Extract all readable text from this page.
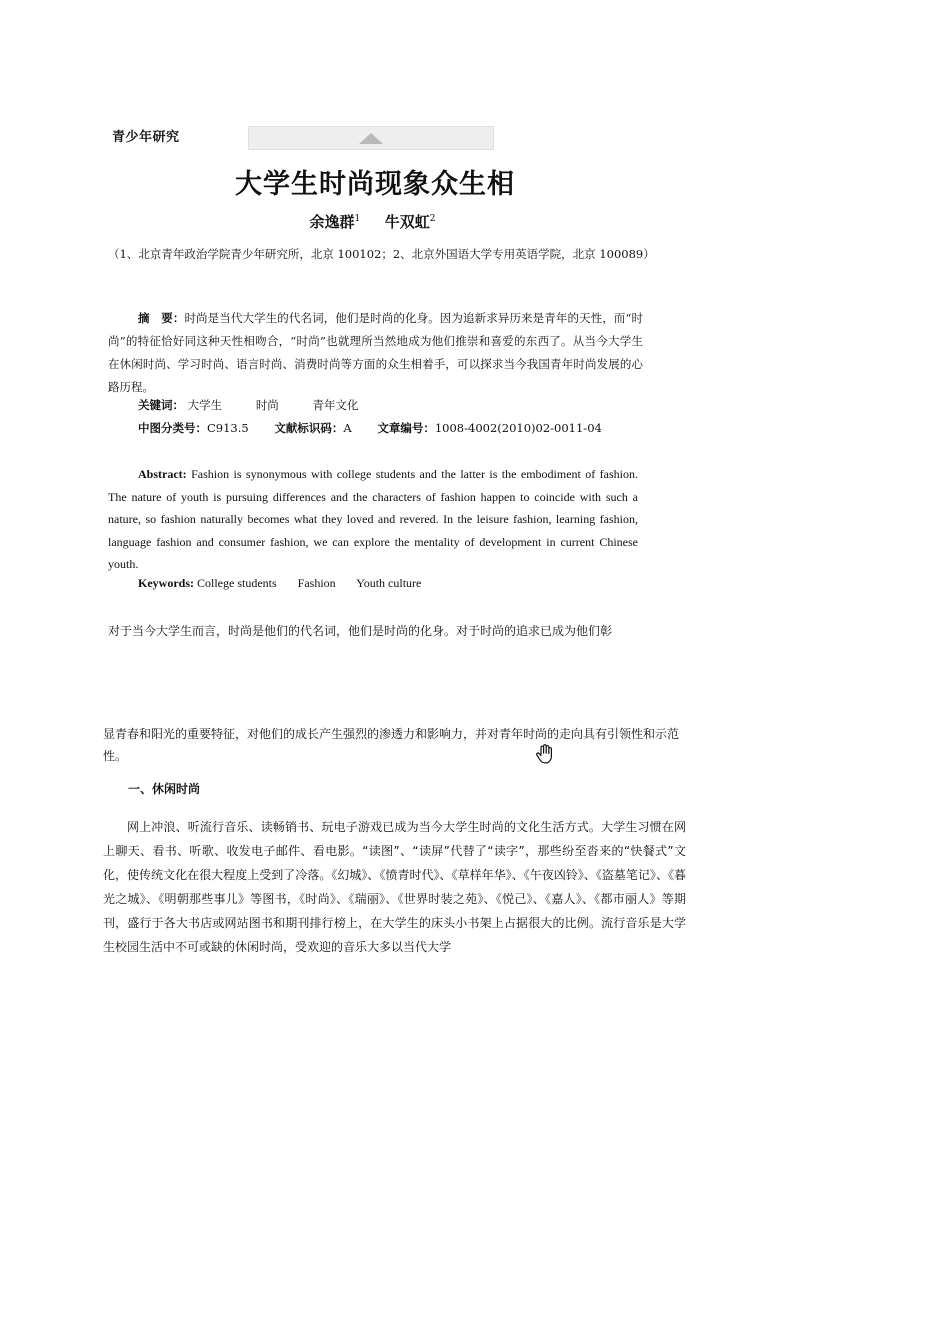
青少年研究
大学生时尚现象众生相
余逸群$^1$ 牛双虹$^2$
（1、北京青年政治学院青少年研究所，北京 100102；2、北京外国语大学专用英语学院，北京 100089）
摘　要：时尚是当代大学生的代名词，他们是时尚的化身。因为追新求异历来是青年的天性，而“时尚”的特征恰好同这种天性相吻合，“时尚”也就理所当然地成为他们推崇和喜爱的东西了。从当今大学生在休闲时尚、学习时尚、语言时尚、消费时尚等方面的众生相着手，可以探求当今我国青年时尚发展的心路历程。
关键词： 大学生	时尚	青年文化
中图分类号：C913.5 文献标识码：A 文章编号：1008-4002(2010)02-0011-04
Abstract: Fashion is synonymous with college students and the latter is the embodiment of fashion. The nature of youth is pursuing differences and the characters of fashion happen to coincide with such a nature, so fashion naturally becomes what they loved and revered. In the leisure fashion, learning fashion, language fashion and consumer fashion, we can explore the mentality of development in current Chinese youth.
Keywords: College students Fashion Youth culture
对于当今大学生而言，时尚是他们的代名词，他们是时尚的化身。对于时尚的追求已成为他们彰
显青春和阳光的重要特征，对他们的成长产生强烈的渗透力和影响力，并对青年时尚的走向具有引领性和示范性。
一、休闲时尚
网上冲浪、听流行音乐、读畅销书、玩电子游戏已成为当今大学生时尚的文化生活方式。大学生习惯在网上聊天、看书、听歌、收发电子邮件、看电影。“读图”、“读屏”代替了“读字”，那些纷至沓来的“快餐式”文化，使传统文化在很大程度上受到了冷落。《幻城》、《愤青时代》、《草样年华》、《午夜凶铃》、《盗墓笔记》、《暮光之城》、《明朝那些事儿》等图书，《时尚》、《瑞丽》、《世界时装之苑》、《悦己》、《嘉人》、《都市丽人》等期刊，盛行于各大书店或网站图书和期刊排行榜上，在大学生的床头小书架上占据很大的比例。流行音乐是大学生校园生活中不可或缺的休闲时尚，受欢迎的音乐大多以当代大学
